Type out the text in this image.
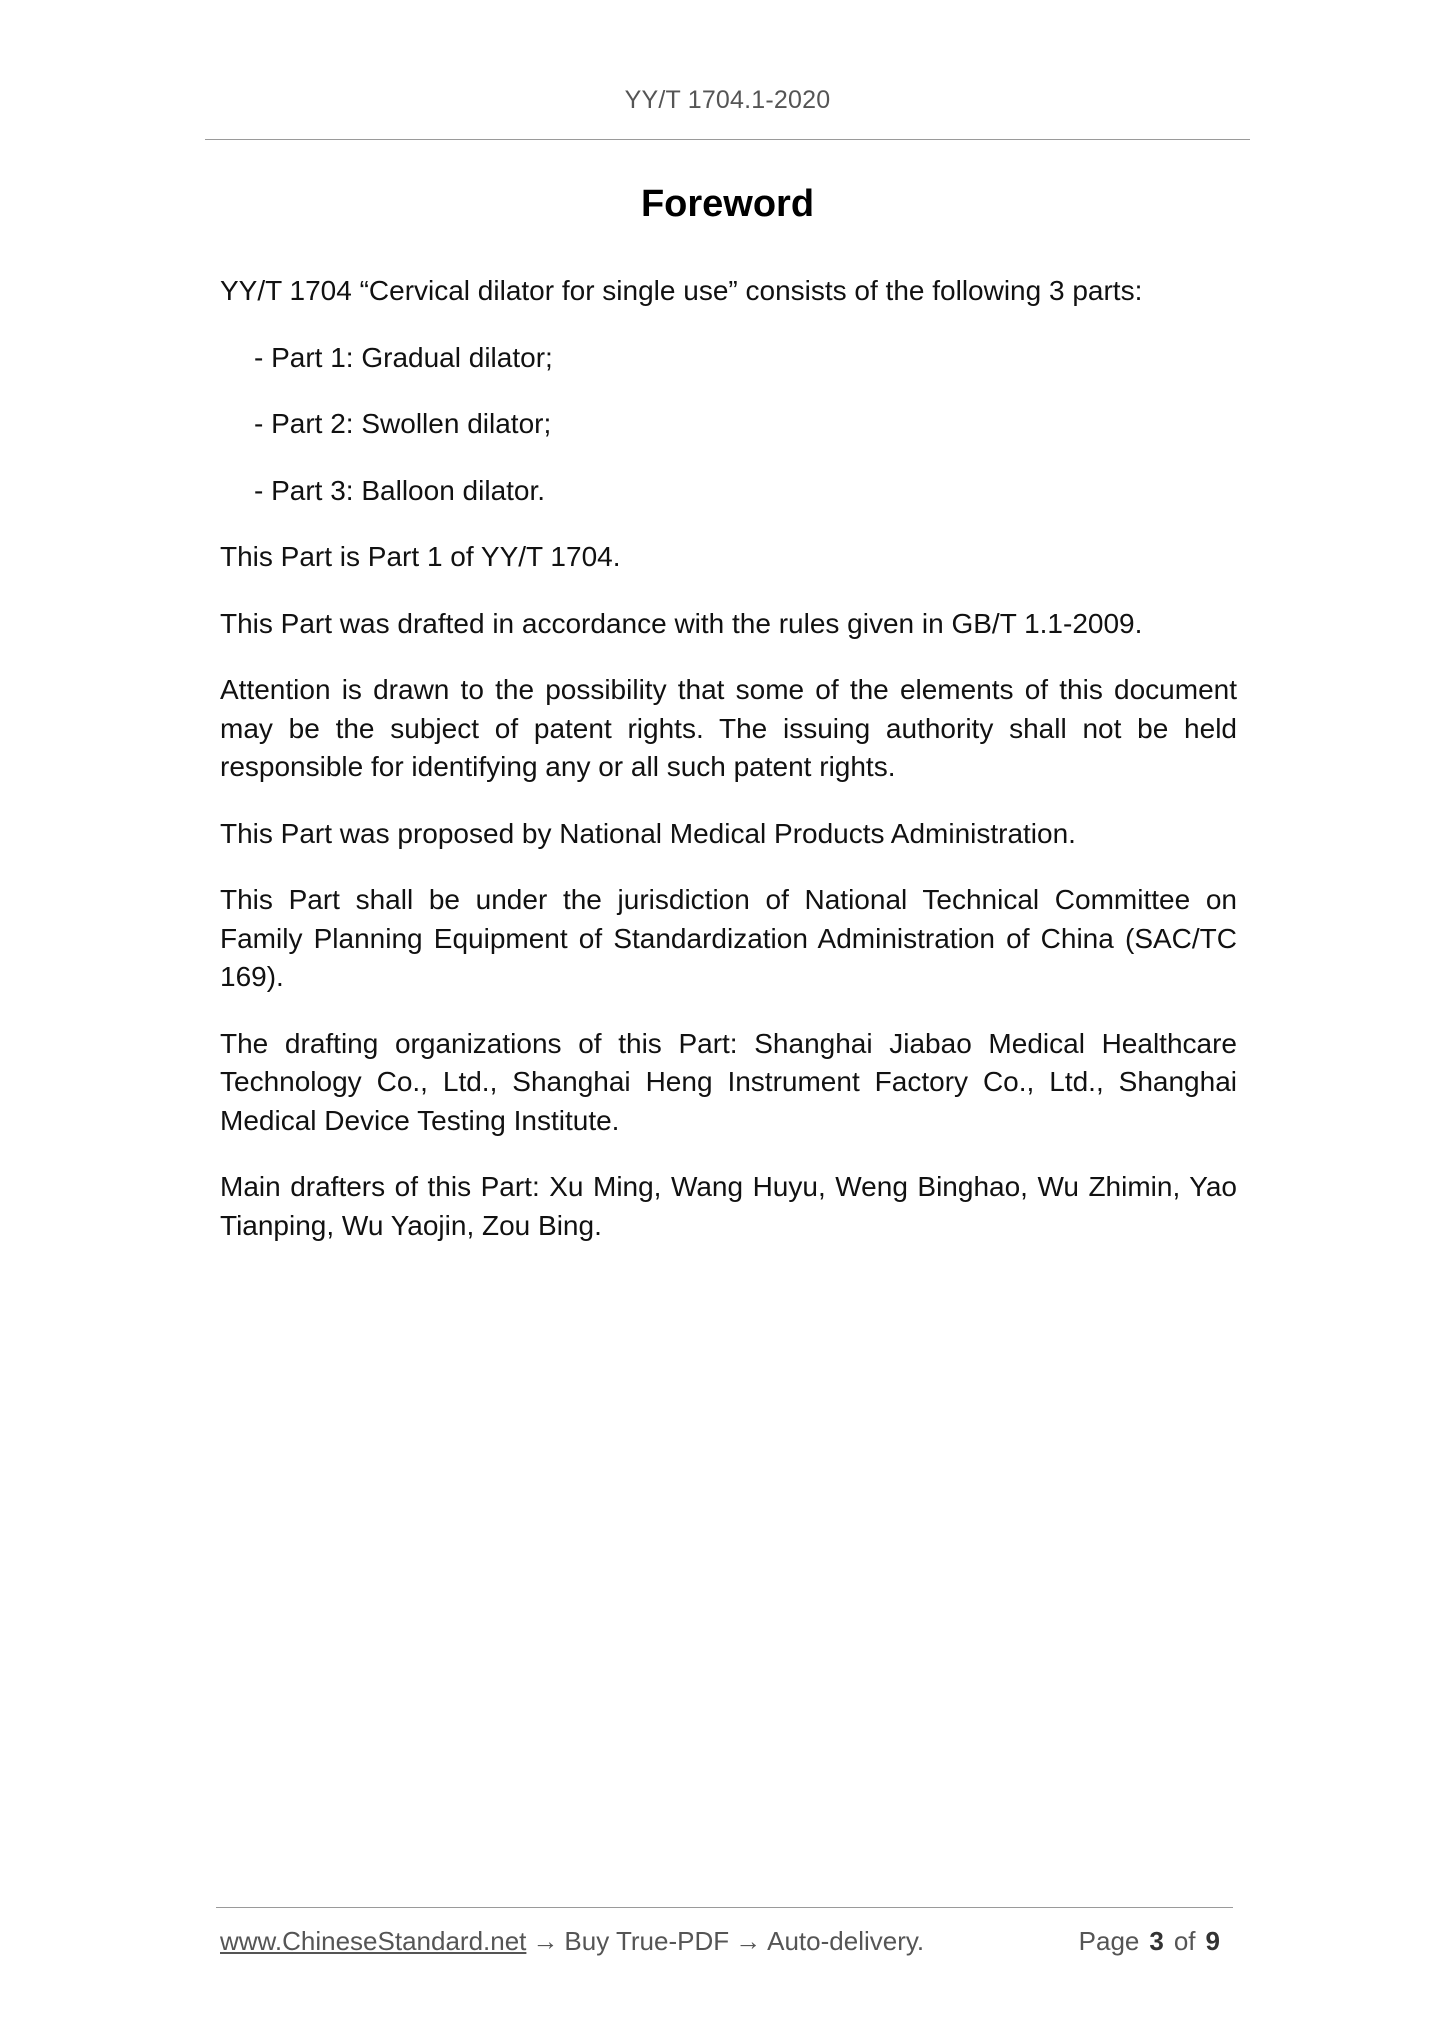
YY/T 1704.1-2020
Foreword

YY/T 1704 “Cervical dilator for single use” consists of the following 3 parts:

- Part 1: Gradual dilator;

- Part 2: Swollen dilator;

- Part 3: Balloon dilator.

This Part is Part 1 of YY/T 1704.

This Part was drafted in accordance with the rules given in GB/T 1.1-2009.

Attention is drawn to the possibility that some of the elements of this document may be the subject of patent rights. The issuing authority shall not be held responsible for identifying any or all such patent rights.

This Part was proposed by National Medical Products Administration.

This Part shall be under the jurisdiction of National Technical Committee on Family Planning Equipment of Standardization Administration of China (SAC/TC 169).

The drafting organizations of this Part: Shanghai Jiabao Medical Healthcare Technology Co., Ltd., Shanghai Heng Instrument Factory Co., Ltd., Shanghai Medical Device Testing Institute.

Main drafters of this Part: Xu Ming, Wang Huyu, Weng Binghao, Wu Zhimin, Yao Tianping, Wu Yaojin, Zou Bing.

www.ChineseStandard.net → Buy True-PDF → Auto-delivery.	Page 3 of 9
